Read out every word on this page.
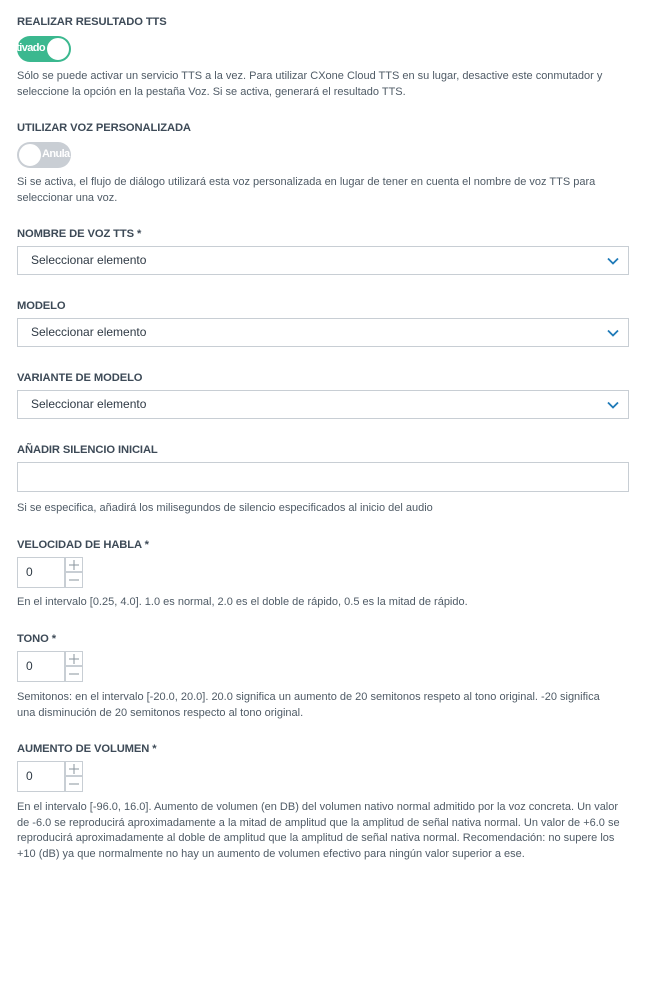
REALIZAR RESULTADO TTS
Activado

Sólo se puede activar un servicio TTS a la vez. Para utilizar CXone Cloud TTS en su lugar, desactive este conmutador y seleccione la opción en la pestaña Voz. Si se activa, generará el resultado TTS.

UTILIZAR VOZ PERSONALIZADA
Anula

Si se activa, el flujo de diálogo utilizará esta voz personalizada en lugar de tener en cuenta el nombre de voz TTS para seleccionar una voz.

NOMBRE DE VOZ TTS *
Seleccionar elemento
MODELO
Seleccionar elemento
VARIANTE DE MODELO
Seleccionar elemento
AÑADIR SILENCIO INICIAL

Si se especifica, añadirá los milisegundos de silencio especificados al inicio del audio

VELOCIDAD DE HABLA *
0

En el intervalo [0.25, 4.0]. 1.0 es normal, 2.0 es el doble de rápido, 0.5 es la mitad de rápido.

TONO *
0

Semitonos: en el intervalo [-20.0, 20.0]. 20.0 significa un aumento de 20 semitonos respeto al tono original. -20 significa una disminución de 20 semitonos respecto al tono original.

AUMENTO DE VOLUMEN *
0

En el intervalo [-96.0, 16.0]. Aumento de volumen (en DB) del volumen nativo normal admitido por la voz concreta. Un valor de -6.0 se reproducirá aproximadamente a la mitad de amplitud que la amplitud de señal nativa normal. Un valor de +6.0 se reproducirá aproximadamente al doble de amplitud que la amplitud de señal nativa normal. Recomendación: no supere los +10 (dB) ya que normalmente no hay un aumento de volumen efectivo para ningún valor superior a ese.
